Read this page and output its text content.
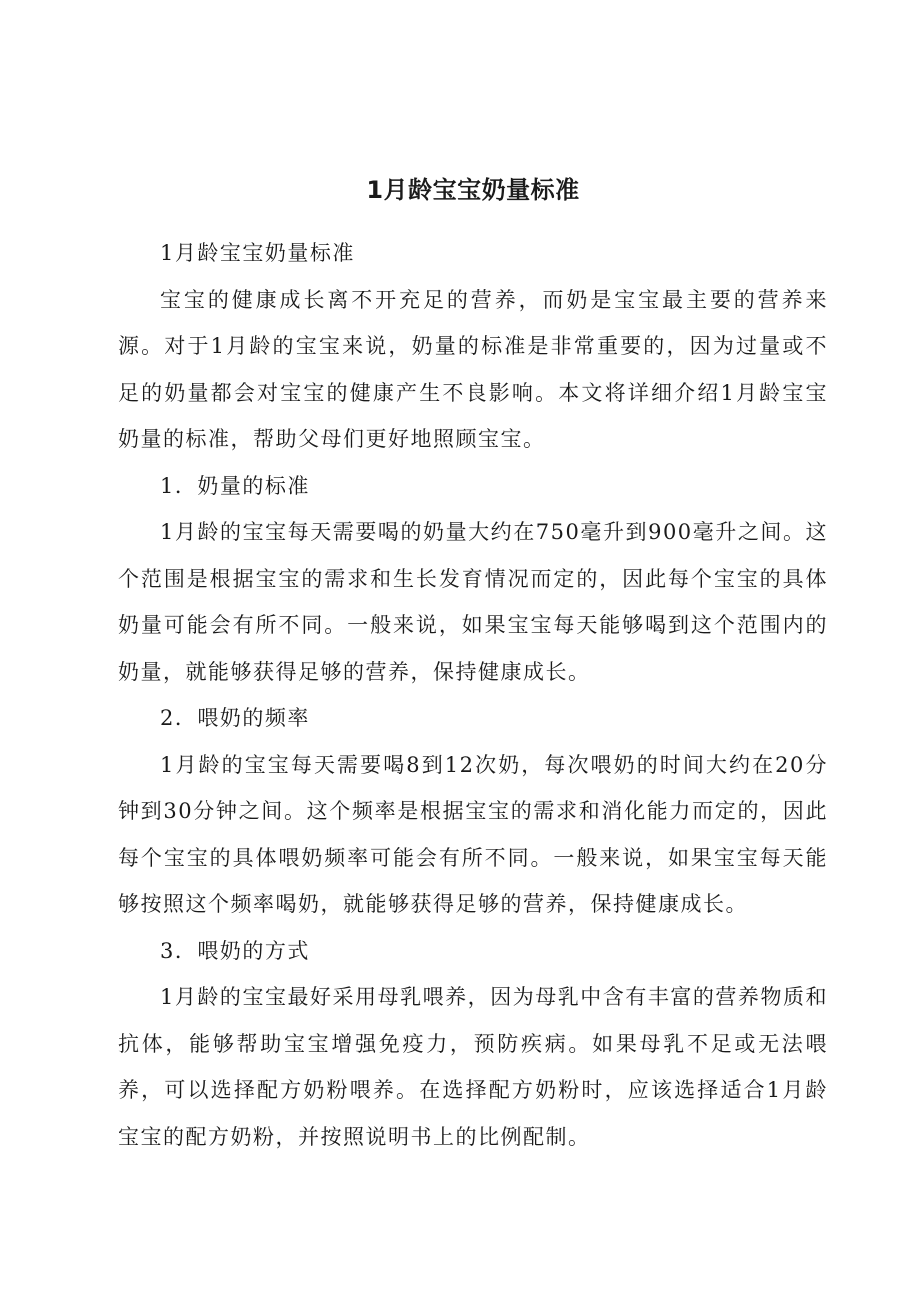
1月龄宝宝奶量标准

1月龄宝宝奶量标准

宝宝的健康成长离不开充足的营养，而奶是宝宝最主要的营养来源。对于1月龄的宝宝来说，奶量的标准是非常重要的，因为过量或不足的奶量都会对宝宝的健康产生不良影响。本文将详细介绍1月龄宝宝奶量的标准，帮助父母们更好地照顾宝宝。

1．奶量的标准

1月龄的宝宝每天需要喝的奶量大约在750毫升到900毫升之间。这个范围是根据宝宝的需求和生长发育情况而定的，因此每个宝宝的具体奶量可能会有所不同。一般来说，如果宝宝每天能够喝到这个范围内的奶量，就能够获得足够的营养，保持健康成长。

2．喂奶的频率

1月龄的宝宝每天需要喝8到12次奶，每次喂奶的时间大约在20分钟到30分钟之间。这个频率是根据宝宝的需求和消化能力而定的，因此每个宝宝的具体喂奶频率可能会有所不同。一般来说，如果宝宝每天能够按照这个频率喝奶，就能够获得足够的营养，保持健康成长。

3．喂奶的方式

1月龄的宝宝最好采用母乳喂养，因为母乳中含有丰富的营养物质和抗体，能够帮助宝宝增强免疫力，预防疾病。如果母乳不足或无法喂养，可以选择配方奶粉喂养。在选择配方奶粉时，应该选择适合1月龄宝宝的配方奶粉，并按照说明书上的比例配制。
